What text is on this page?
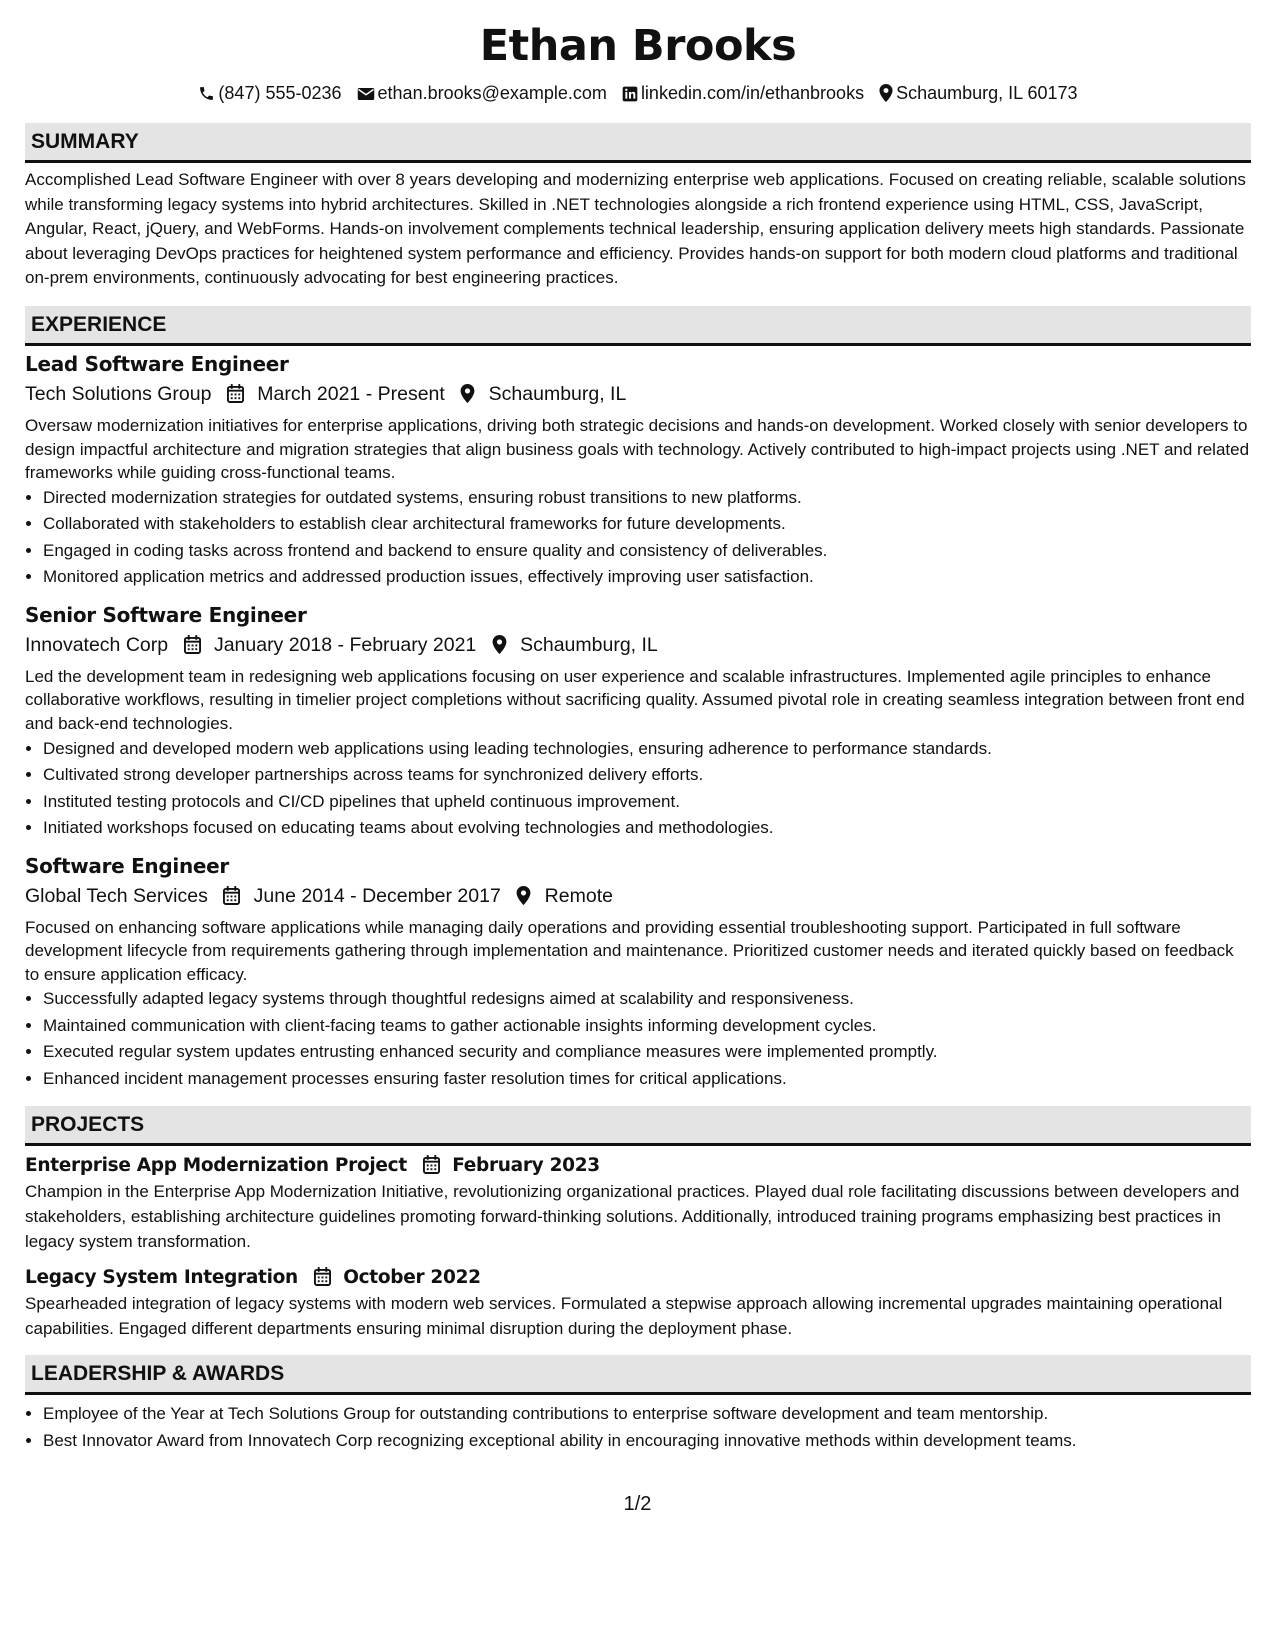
Ethan Brooks
(847) 555-0236 ethan.brooks@example.com linkedin.com/in/ethanbrooks Schaumburg, IL 60173
SUMMARY

Accomplished Lead Software Engineer with over 8 years developing and modernizing enterprise web applications. Focused on creating reliable, scalable solutions while transforming legacy systems into hybrid architectures. Skilled in .NET technologies alongside a rich frontend experience using HTML, CSS, JavaScript, Angular, React, jQuery, and WebForms. Hands-on involvement complements technical leadership, ensuring application delivery meets high standards. Passionate about leveraging DevOps practices for heightened system performance and efficiency. Provides hands-on support for both modern cloud platforms and traditional on-prem environments, continuously advocating for best engineering practices.

EXPERIENCE
Lead Software Engineer
Tech Solutions Group March 2021 - Present Schaumburg, IL

Oversaw modernization initiatives for enterprise applications, driving both strategic decisions and hands-on development. Worked closely with senior developers to design impactful architecture and migration strategies that align business goals with technology. Actively contributed to high-impact projects using .NET and related frameworks while guiding cross-functional teams.

• Directed modernization strategies for outdated systems, ensuring robust transitions to new platforms.
• Collaborated with stakeholders to establish clear architectural frameworks for future developments.
• Engaged in coding tasks across frontend and backend to ensure quality and consistency of deliverables.
• Monitored application metrics and addressed production issues, effectively improving user satisfaction.
Senior Software Engineer
Innovatech Corp January 2018 - February 2021 Schaumburg, IL

Led the development team in redesigning web applications focusing on user experience and scalable infrastructures. Implemented agile principles to enhance collaborative workflows, resulting in timelier project completions without sacrificing quality. Assumed pivotal role in creating seamless integration between front end and back-end technologies.

• Designed and developed modern web applications using leading technologies, ensuring adherence to performance standards.
• Cultivated strong developer partnerships across teams for synchronized delivery efforts.
• Instituted testing protocols and CI/CD pipelines that upheld continuous improvement.
• Initiated workshops focused on educating teams about evolving technologies and methodologies.
Software Engineer
Global Tech Services June 2014 - December 2017 Remote

Focused on enhancing software applications while managing daily operations and providing essential troubleshooting support. Participated in full software development lifecycle from requirements gathering through implementation and maintenance. Prioritized customer needs and iterated quickly based on feedback to ensure application efficacy.

• Successfully adapted legacy systems through thoughtful redesigns aimed at scalability and responsiveness.
• Maintained communication with client-facing teams to gather actionable insights informing development cycles.
• Executed regular system updates entrusting enhanced security and compliance measures were implemented promptly.
• Enhanced incident management processes ensuring faster resolution times for critical applications.
PROJECTS
Enterprise App Modernization Project February 2023

Champion in the Enterprise App Modernization Initiative, revolutionizing organizational practices. Played dual role facilitating discussions between developers and stakeholders, establishing architecture guidelines promoting forward-thinking solutions. Additionally, introduced training programs emphasizing best practices in legacy system transformation.

Legacy System Integration October 2022

Spearheaded integration of legacy systems with modern web services. Formulated a stepwise approach allowing incremental upgrades maintaining operational capabilities. Engaged different departments ensuring minimal disruption during the deployment phase.

LEADERSHIP & AWARDS
• Employee of the Year at Tech Solutions Group for outstanding contributions to enterprise software development and team mentorship.
• Best Innovator Award from Innovatech Corp recognizing exceptional ability in encouraging innovative methods within development teams.
1/2
